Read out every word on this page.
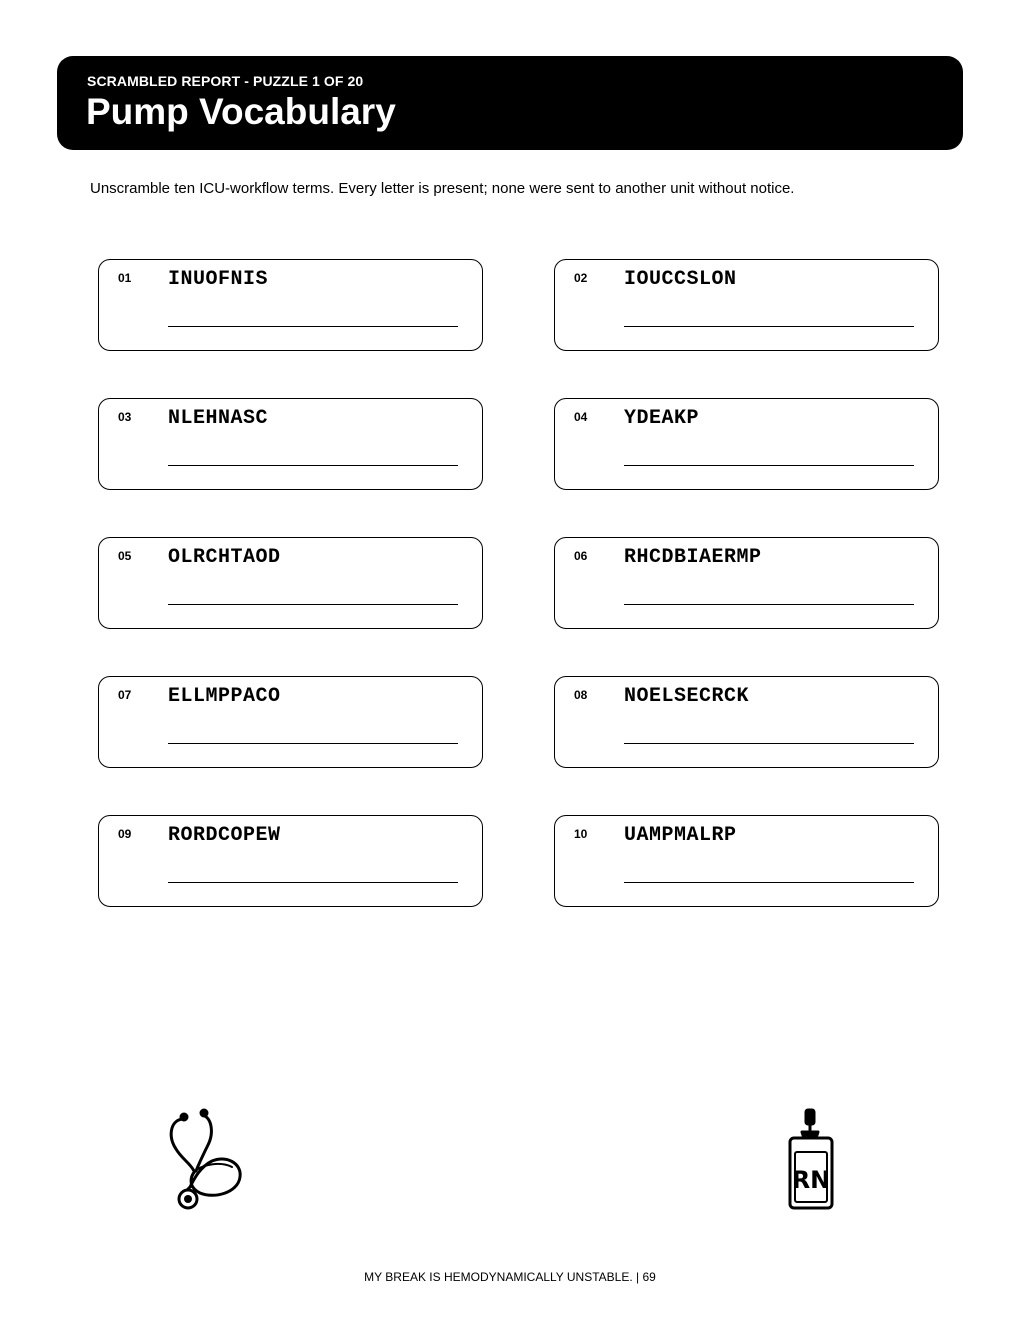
SCRAMBLED REPORT - PUZZLE 1 OF 20
Pump Vocabulary
Unscramble ten ICU-workflow terms. Every letter is present; none were sent to another unit without notice.
01 INUOFNIS	02 IOUCCSLON
03 NLEHNASC	04 YDEAKP
05 OLRCHTAOD	06 RHCDBIAERMP
07 ELLMPPACO	08 NOELSECRCK
09 RORDCOPEW	10 UAMPMALRP
RN
MY BREAK IS HEMODYNAMICALLY UNSTABLE. | 69
